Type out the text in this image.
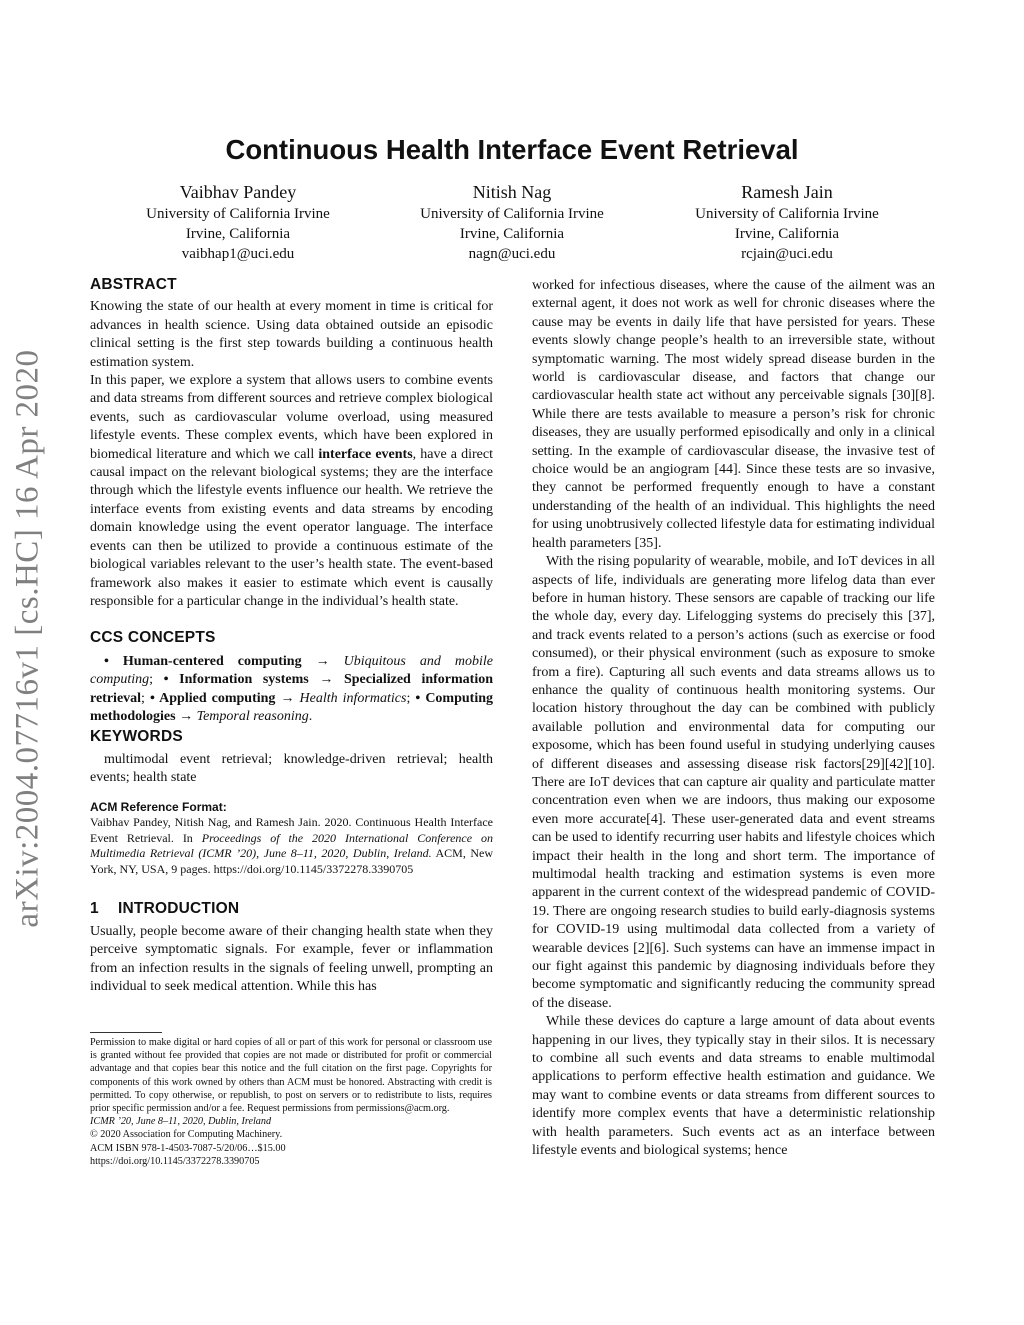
arXiv:2004.07716v1 [cs.HC] 16 Apr 2020
Continuous Health Interface Event Retrieval
Vaibhav Pandey
University of California Irvine
Irvine, California
vaibhap1@uci.edu
Nitish Nag
University of California Irvine
Irvine, California
nagn@uci.edu
Ramesh Jain
University of California Irvine
Irvine, California
rcjain@uci.edu
ABSTRACT

Knowing the state of our health at every moment in time is critical for advances in health science. Using data obtained outside an episodic clinical setting is the first step towards building a continuous health estimation system.

In this paper, we explore a system that allows users to combine events and data streams from different sources and retrieve complex biological events, such as cardiovascular volume overload, using measured lifestyle events. These complex events, which have been explored in biomedical literature and which we call interface events, have a direct causal impact on the relevant biological systems; they are the interface through which the lifestyle events influence our health. We retrieve the interface events from existing events and data streams by encoding domain knowledge using the event operator language. The interface events can then be utilized to provide a continuous estimate of the biological variables relevant to the user’s health state. The event-based framework also makes it easier to estimate which event is causally responsible for a particular change in the individual’s health state.

CCS CONCEPTS

• Human-centered computing → Ubiquitous and mobile computing; • Information systems → Specialized information retrieval; • Applied computing → Health informatics; • Computing methodologies → Temporal reasoning.

KEYWORDS

multimodal event retrieval; knowledge-driven retrieval; health events; health state

ACM Reference Format:

Vaibhav Pandey, Nitish Nag, and Ramesh Jain. 2020. Continuous Health Interface Event Retrieval. In Proceedings of the 2020 International Conference on Multimedia Retrieval (ICMR ’20), June 8–11, 2020, Dublin, Ireland. ACM, New York, NY, USA, 9 pages. https://doi.org/10.1145/3372278.3390705

1 INTRODUCTION

Usually, people become aware of their changing health state when they perceive symptomatic signals. For example, fever or inflammation from an infection results in the signals of feeling unwell, prompting an individual to seek medical attention. While this has

Permission to make digital or hard copies of all or part of this work for personal or classroom use is granted without fee provided that copies are not made or distributed for profit or commercial advantage and that copies bear this notice and the full citation on the first page. Copyrights for components of this work owned by others than ACM must be honored. Abstracting with credit is permitted. To copy otherwise, or republish, to post on servers or to redistribute to lists, requires prior specific permission and/or a fee. Request permissions from permissions@acm.org.

ICMR ’20, June 8–11, 2020, Dublin, Ireland

© 2020 Association for Computing Machinery.

ACM ISBN 978-1-4503-7087-5/20/06…$15.00

https://doi.org/10.1145/3372278.3390705

worked for infectious diseases, where the cause of the ailment was an external agent, it does not work as well for chronic diseases where the cause may be events in daily life that have persisted for years. These events slowly change people’s health to an irreversible state, without symptomatic warning. The most widely spread disease burden in the world is cardiovascular disease, and factors that change our cardiovascular health state act without any perceivable signals [30][8]. While there are tests available to measure a person’s risk for chronic diseases, they are usually performed episodically and only in a clinical setting. In the example of cardiovascular disease, the invasive test of choice would be an angiogram [44]. Since these tests are so invasive, they cannot be performed frequently enough to have a constant understanding of the health of an individual. This highlights the need for using unobtrusively collected lifestyle data for estimating individual health parameters [35].

With the rising popularity of wearable, mobile, and IoT devices in all aspects of life, individuals are generating more lifelog data than ever before in human history. These sensors are capable of tracking our life the whole day, every day. Lifelogging systems do precisely this [37], and track events related to a person’s actions (such as exercise or food consumed), or their physical environment (such as exposure to smoke from a fire). Capturing all such events and data streams allows us to enhance the quality of continuous health monitoring systems. Our location history throughout the day can be combined with publicly available pollution and environmental data for computing our exposome, which has been found useful in studying underlying causes of different diseases and assessing disease risk factors[29][42][10]. There are IoT devices that can capture air quality and particulate matter concentration even when we are indoors, thus making our exposome even more accurate[4]. These user-generated data and event streams can be used to identify recurring user habits and lifestyle choices which impact their health in the long and short term. The importance of multimodal health tracking and estimation systems is even more apparent in the current context of the widespread pandemic of COVID-19. There are ongoing research studies to build early-diagnosis systems for COVID-19 using multimodal data collected from a variety of wearable devices [2][6]. Such systems can have an immense impact in our fight against this pandemic by diagnosing individuals before they become symptomatic and significantly reducing the community spread of the disease.

While these devices do capture a large amount of data about events happening in our lives, they typically stay in their silos. It is necessary to combine all such events and data streams to enable multimodal applications to perform effective health estimation and guidance. We may want to combine events or data streams from different sources to identify more complex events that have a deterministic relationship with health parameters. Such events act as an interface between lifestyle events and biological systems; hence
